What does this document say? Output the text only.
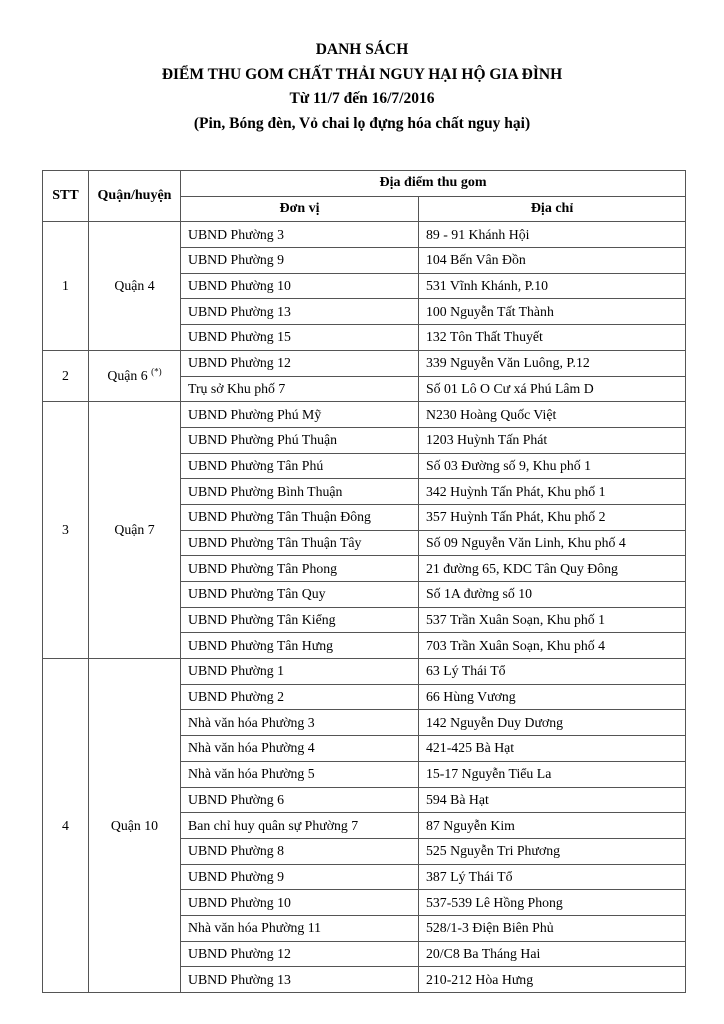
DANH SÁCH
ĐIỂM THU GOM CHẤT THẢI NGUY HẠI HỘ GIA ĐÌNH
Từ 11/7 đến 16/7/2016
(Pin, Bóng đèn, Vỏ chai lọ đựng hóa chất nguy hại)
STT	Quận/huyện	Địa điểm thu gom	
		Đơn vị	Địa chỉ
1	Quận 4	UBND Phường 3	89 - 91 Khánh Hội
		UBND Phường 9	104 Bến Vân Đồn
		UBND Phường 10	531 Vĩnh Khánh, P.10
		UBND Phường 13	100 Nguyễn Tất Thành
		UBND Phường 15	132 Tôn Thất Thuyết
2	Quận 6 (*)	UBND Phường 12	339 Nguyễn Văn Luông, P.12
		Trụ sở Khu phố 7	Số 01 Lô O Cư xá Phú Lâm D
3	Quận 7	UBND Phường Phú Mỹ	N230 Hoàng Quốc Việt
		UBND Phường Phú Thuận	1203 Huỳnh Tấn Phát
		UBND Phường Tân Phú	Số 03 Đường số 9, Khu phố 1
		UBND Phường Bình Thuận	342 Huỳnh Tấn Phát, Khu phố 1
		UBND Phường Tân Thuận Đông	357 Huỳnh Tấn Phát, Khu phố 2
		UBND Phường Tân Thuận Tây	Số 09 Nguyễn Văn Linh, Khu phố 4
		UBND Phường Tân Phong	21 đường 65, KDC Tân Quy Đông
		UBND Phường Tân Quy	Số 1A đường số 10
		UBND Phường Tân Kiểng	537 Trần Xuân Soạn, Khu phố 1
		UBND Phường Tân Hưng	703 Trần Xuân Soạn, Khu phố 4
4	Quận 10	UBND Phường 1	63 Lý Thái Tổ
		UBND Phường 2	66 Hùng Vương
		Nhà văn hóa Phường 3	142 Nguyễn Duy Dương
		Nhà văn hóa Phường 4	421-425 Bà Hạt
		Nhà văn hóa Phường 5	15-17 Nguyễn Tiểu La
		UBND Phường 6	594 Bà Hạt
		Ban chỉ huy quân sự Phường 7	87 Nguyễn Kim
		UBND Phường 8	525 Nguyễn Tri Phương
		UBND Phường 9	387 Lý Thái Tổ
		UBND Phường 10	537-539 Lê Hồng Phong
		Nhà văn hóa Phường 11	528/1-3 Điện Biên Phủ
		UBND Phường 12	20/C8 Ba Tháng Hai
		UBND Phường 13	210-212 Hòa Hưng
